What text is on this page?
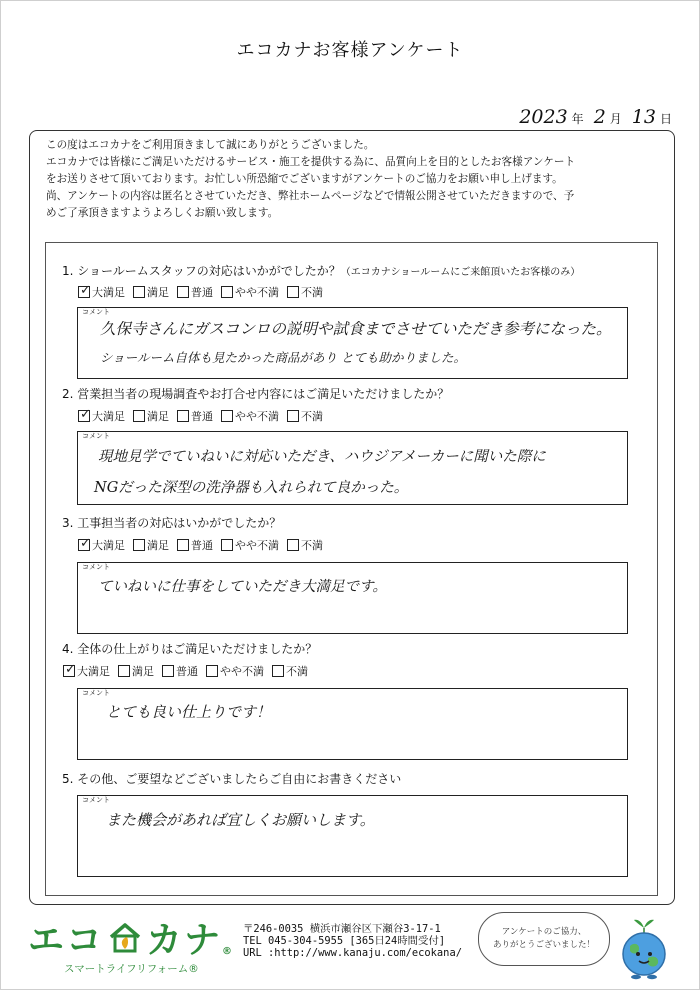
エコカナお客様アンケート
2023 年 2 月 13 日

この度はエコカナをご利用頂きまして誠にありがとうございました。

エコカナでは皆様にご満足いただけるサービス・施工を提供する為に、品質向上を目的としたお客様アンケート

をお送りさせて頂いております。お忙しい所恐縮でございますがアンケートのご協力をお願い申し上げます。

尚、アンケートの内容は匿名とさせていただき、弊社ホームページなどで情報公開させていただきますので、予

めご了承頂きますようよろしくお願い致します。

1. ショールームスタッフの対応はいかがでしたか？（エコカナショールームにご来館頂いたお客様のみ）
✓
大満足 満足 普通 やや不満 不満
コメント
久保寺さんにガスコンロの説明や試食までさせていただき参考になった。
ショールーム自体も見たかった商品があり とても助かりました。
2. 営業担当者の現場調査やお打合せ内容にはご満足いただけましたか？
✓
大満足 満足 普通 やや不満 不満
コメント
現地見学でていねいに対応いただき、ハウジアメーカーに聞いた際に
NGだった深型の洗浄器も入れられて良かった。
3. 工事担当者の対応はいかがでしたか？
✓
大満足 満足 普通 やや不満 不満
コメント
ていねいに仕事をしていただき大満足です。
4. 全体の仕上がりはご満足いただけましたか？
✓
大満足 満足 普通 やや不満 不満
コメント
とても良い仕上りです！
5. その他、ご要望などございましたらご自由にお書きください
コメント
また機会があれば宜しくお願いします。
エコ カナ ®
スマートライフリフォーム®
〒246-0035 横浜市瀬谷区下瀬谷3-17-1
TEL 045-304-5955 [365日24時間受付]
URL :http://www.kanaju.com/ecokana/
アンケートのご協力、
ありがとうございました！
